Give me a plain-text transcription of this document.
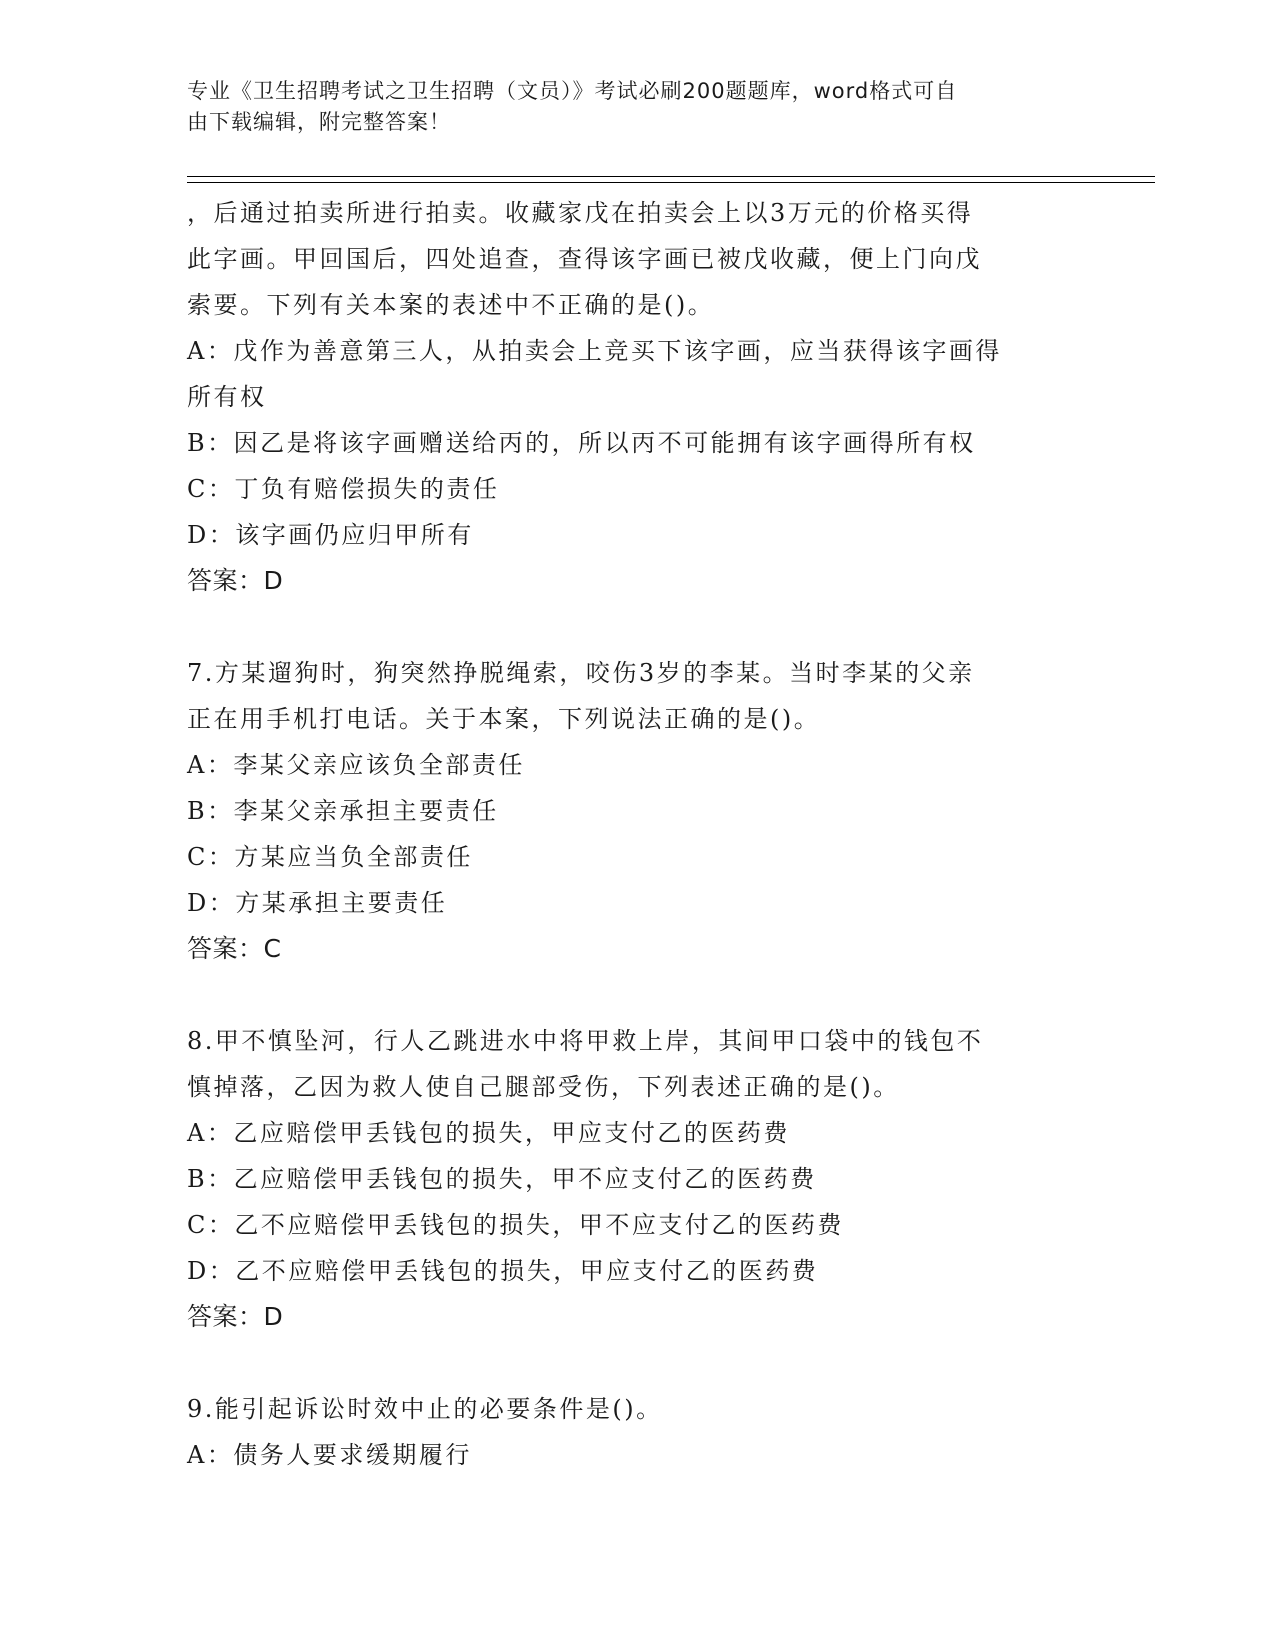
专业《卫生招聘考试之卫生招聘（文员）》考试必刷200题题库，word格式可自
由下载编辑，附完整答案！
，后通过拍卖所进行拍卖。收藏家戊在拍卖会上以3万元的价格买得
此字画。甲回国后，四处追查，查得该字画已被戊收藏，便上门向戊
索要。下列有关本案的表述中不正确的是()。
A：戊作为善意第三人，从拍卖会上竞买下该字画，应当获得该字画得
所有权
B：因乙是将该字画赠送给丙的，所以丙不可能拥有该字画得所有权
C：丁负有赔偿损失的责任
D：该字画仍应归甲所有
答案：D
7.方某遛狗时，狗突然挣脱绳索，咬伤3岁的李某。当时李某的父亲
正在用手机打电话。关于本案，下列说法正确的是()。
A：李某父亲应该负全部责任
B：李某父亲承担主要责任
C：方某应当负全部责任
D：方某承担主要责任
答案：C
8.甲不慎坠河，行人乙跳进水中将甲救上岸，其间甲口袋中的钱包不
慎掉落，乙因为救人使自己腿部受伤，下列表述正确的是()。
A：乙应赔偿甲丢钱包的损失，甲应支付乙的医药费
B：乙应赔偿甲丢钱包的损失，甲不应支付乙的医药费
C：乙不应赔偿甲丢钱包的损失，甲不应支付乙的医药费
D：乙不应赔偿甲丢钱包的损失，甲应支付乙的医药费
答案：D
9.能引起诉讼时效中止的必要条件是()。
A：债务人要求缓期履行
